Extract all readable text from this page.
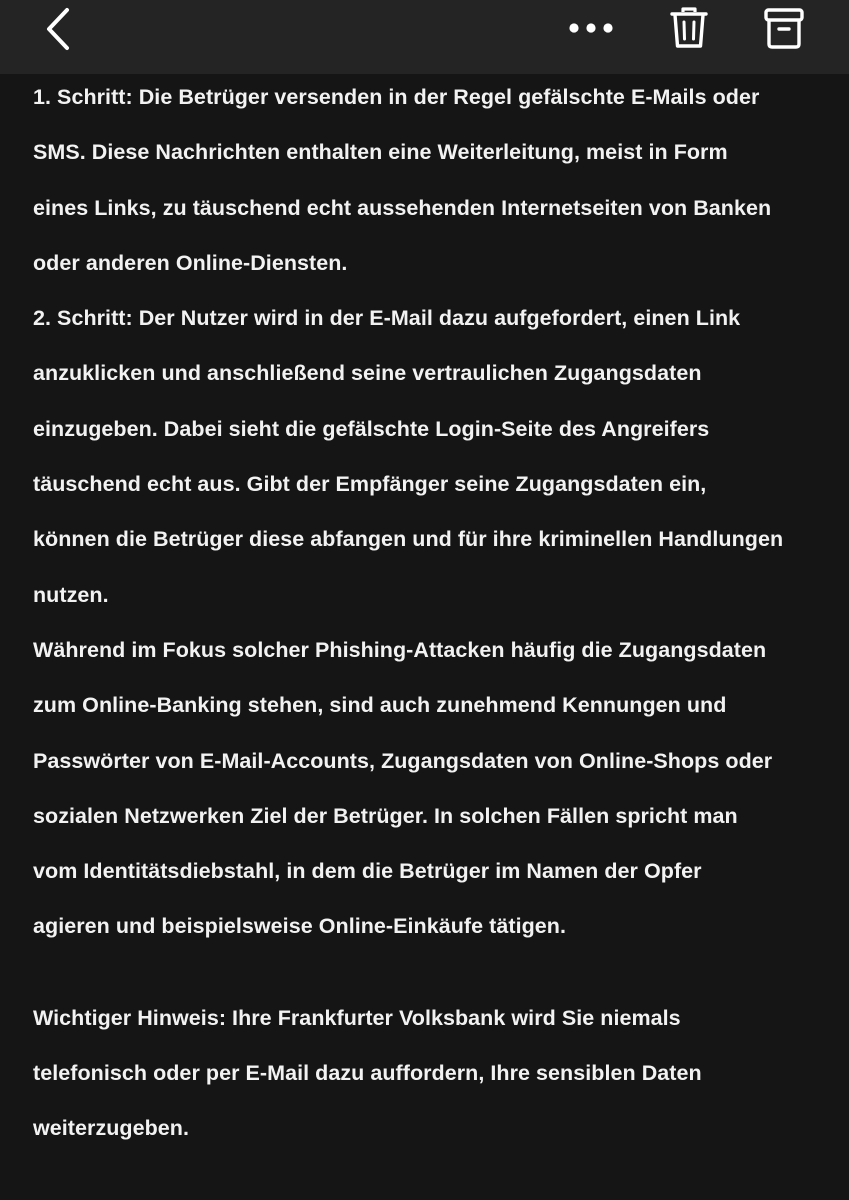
1. Schritt: Die Betrüger versenden in der Regel gefälschte E-Mails oder
SMS. Diese Nachrichten enthalten eine Weiterleitung, meist in Form
eines Links, zu täuschend echt aussehenden Internetseiten von Banken
oder anderen Online-Diensten.
2. Schritt: Der Nutzer wird in der E-Mail dazu aufgefordert, einen Link
anzuklicken und anschließend seine vertraulichen Zugangsdaten
einzugeben. Dabei sieht die gefälschte Login-Seite des Angreifers
täuschend echt aus. Gibt der Empfänger seine Zugangsdaten ein,
können die Betrüger diese abfangen und für ihre kriminellen Handlungen
nutzen.
Während im Fokus solcher Phishing-Attacken häufig die Zugangsdaten
zum Online-Banking stehen, sind auch zunehmend Kennungen und
Passwörter von E-Mail-Accounts, Zugangsdaten von Online-Shops oder
sozialen Netzwerken Ziel der Betrüger. In solchen Fällen spricht man
vom Identitätsdiebstahl, in dem die Betrüger im Namen der Opfer
agieren und beispielsweise Online-Einkäufe tätigen.
Wichtiger Hinweis: Ihre Frankfurter Volksbank wird Sie niemals
telefonisch oder per E-Mail dazu auffordern, Ihre sensiblen Daten
weiterzugeben.
